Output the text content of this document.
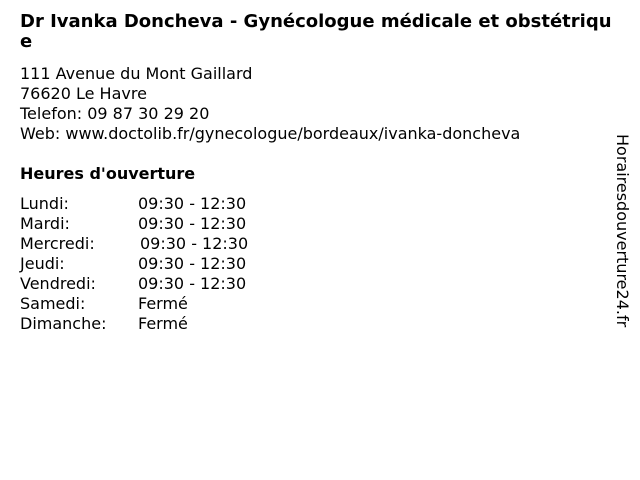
Dr Ivanka Doncheva - Gynécologue médicale et obstétrique
111 Avenue du Mont Gaillard
76620 Le Havre
Telefon: 09 87 30 29 20
Web: www.doctolib.fr/gynecologue/bordeaux/ivanka-doncheva
Heures d'ouverture
Lundi:	09:30 - 12:30
Mardi:	09:30 - 12:30
Mercredi:	09:30 - 12:30
Jeudi:	09:30 - 12:30
Vendredi:	09:30 - 12:30
Samedi:	Fermé
Dimanche:	Fermé	Horairesdouverture24.fr
